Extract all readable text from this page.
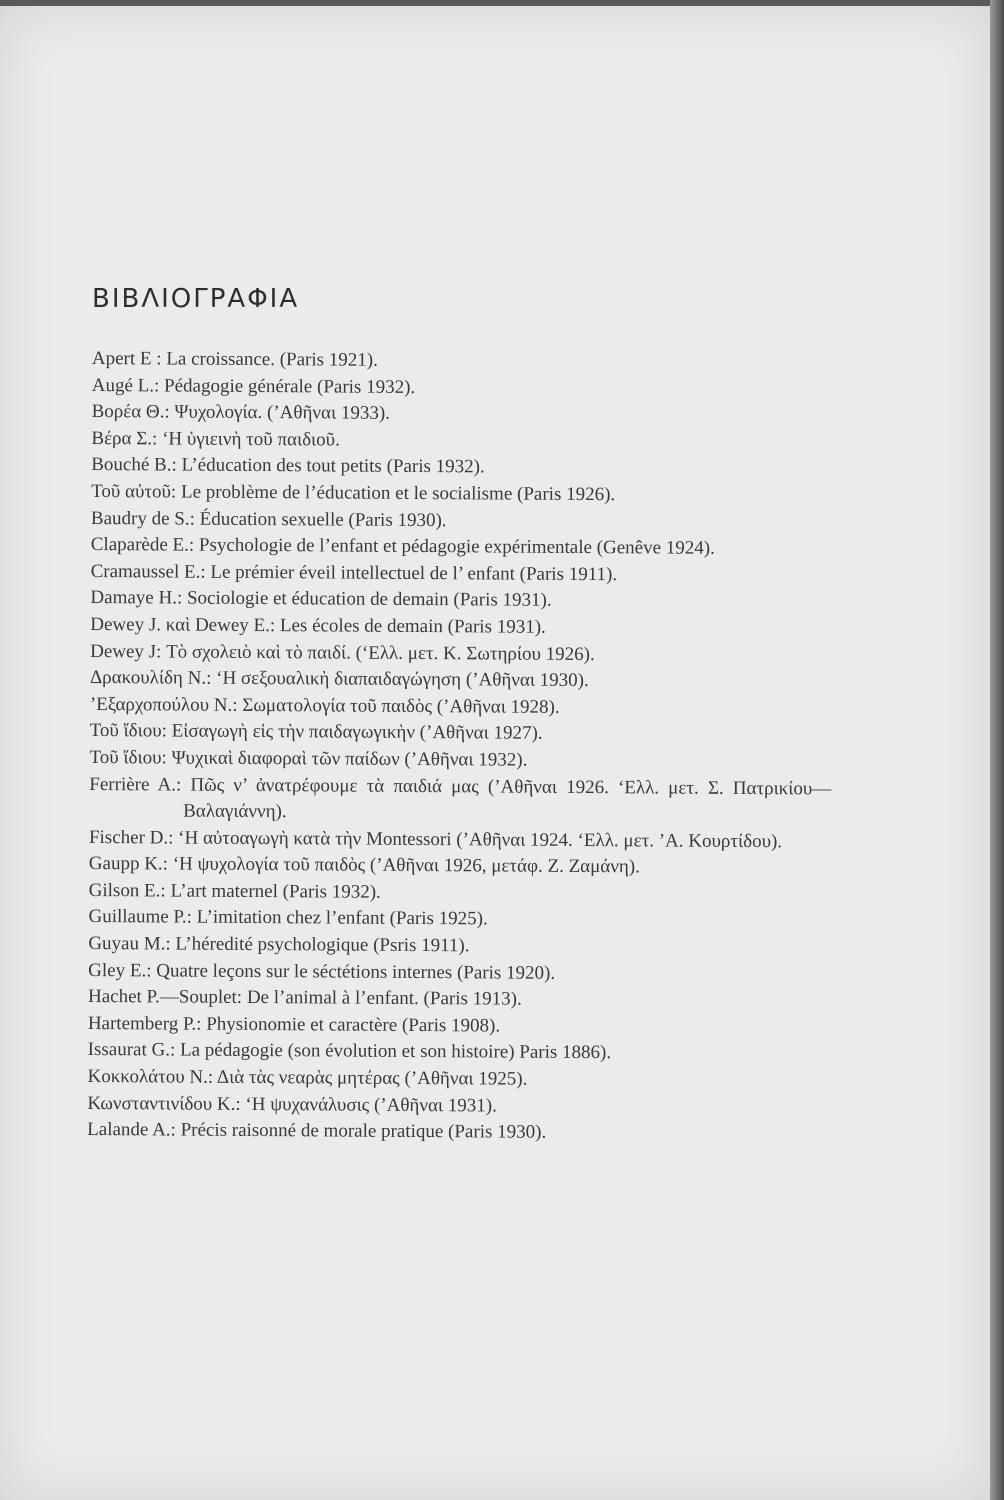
ΒΙΒΛΙΟΓΡΑΦΙΑ
Apert E : La croissance. (Paris 1921).
Augé L.: Pédagogie générale (Paris 1932).
Βορέα Θ.: Ψυχολογία. (’Αθῆναι 1933).
Βέρα Σ.: ‘Η ὑγιεινὴ τοῦ παιδιοῦ.
Bouché B.: L’éducation des tout petits (Paris 1932).
Τοῦ αὐτοῦ: Le problème de l’éducation et le socialisme (Paris 1926).
Baudry de S.: Éducation sexuelle (Paris 1930).
Claparède E.: Psychologie de l’enfant et pédagogie expérimentale (Genêve 1924).
Cramaussel E.: Le prémier éveil intellectuel de l’ enfant (Paris 1911).
Damaye H.: Sociologie et éducation de demain (Paris 1931).
Dewey J. καὶ Dewey E.: Les écoles de demain (Paris 1931).
Dewey J: Τὸ σχολειὸ καὶ τὸ παιδί. (‘Ελλ. μετ. Κ. Σωτηρίου 1926).
Δρακουλίδη Ν.: ‘Η σεξουαλικὴ διαπαιδαγώγηση (’Αθῆναι 1930).
’Εξαρχοπούλου Ν.: Σωματολογία τοῦ παιδὸς (’Αθῆναι 1928).
Τοῦ ἴδιου: Εἰσαγωγὴ εἰς τὴν παιδαγωγικὴν (’Αθῆναι 1927).
Τοῦ ἴδιου: Ψυχικαὶ διαφοραὶ τῶν παίδων (’Αθῆναι 1932).
Ferrière A.: Πῶς ν’ ἀνατρέφουμε τὰ παιδιά μας (’Αθῆναι 1926. ‘Ελλ. μετ. Σ. Πατρικίου—Βαλαγιάννη).
Fischer D.: ‘Η αὐτοαγωγὴ κατὰ τὴν Montessori (’Αθῆναι 1924. ‘Ελλ. μετ. ’Α. Κουρτίδου).
Gaupp K.: ‘Η ψυχολογία τοῦ παιδὸς (’Αθῆναι 1926, μετάφ. Ζ. Ζαμάνη).
Gilson E.: L’art maternel (Paris 1932).
Guillaume P.: L’imitation chez l’enfant (Paris 1925).
Guyau M.: L’héredité psychologique (Psris 1911).
Gley E.: Quatre leçons sur le séctétions internes (Paris 1920).
Hachet P.—Souplet: De l’animal à l’enfant. (Paris 1913).
Hartemberg P.: Physionomie et caractère (Paris 1908).
Issaurat G.: La pédagogie (son évolution et son histoire) Paris 1886).
Κοκκολάτου Ν.: Διὰ τὰς νεαρὰς μητέρας (’Αθῆναι 1925).
Κωνσταντινίδου Κ.: ‘Η ψυχανάλυσις (’Αθῆναι 1931).
Lalande A.: Précis raisonné de morale pratique (Paris 1930).
